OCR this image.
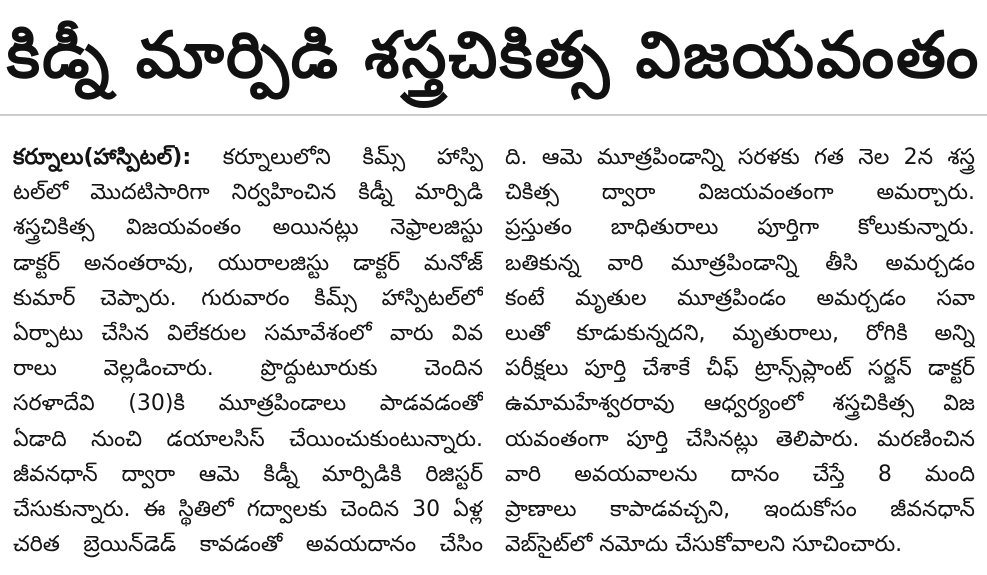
కిడ్నీ మార్పిడి శస్త్రచికిత్స విజయవంతం
కర్నూలు(హాస్పిటల్): కర్నూలులోని కిమ్స్ హాస్పి
టల్‌లో మొదటిసారిగా నిర్వహించిన కిడ్నీ మార్పిడి
శస్త్రచికిత్స విజయవంతం అయినట్లు నెఫ్రాలజిస్టు
డాక్టర్ అనంతరావు, యురాలజిస్టు డాక్టర్ మనోజ్
కుమార్ చెప్పారు. గురువారం కిమ్స్ హాస్పిటల్‌లో
ఏర్పాటు చేసిన విలేకరుల సమావేశంలో వారు వివ
రాలు వెల్లడించారు. ప్రొద్దుటూరుకు చెందిన
సరళాదేవి (30)కి మూత్రపిండాలు పాడవడంతో
ఏడాది నుంచి డయాలసిస్ చేయించుకుంటున్నారు.
జీవనధాన్ ద్వారా ఆమె కిడ్నీ మార్పిడికి రిజిస్టర్
చేసుకున్నారు. ఈ స్థితిలో గద్వాలకు చెందిన 30 ఏళ్ల
చరిత బ్రెయిన్‌డెడ్ కావడంతో అవయదానం చేసిం
ది. ఆమె మూత్రపిండాన్ని సరళకు గత నెల 2న శస్త్ర
చికిత్స ద్వారా విజయవంతంగా అమర్చారు.
ప్రస్తుతం బాధితురాలు పూర్తిగా కోలుకున్నారు.
బతికున్న వారి మూత్రపిండాన్ని తీసి అమర్చడం
కంటే మృతుల మూత్రపిండం అమర్చడం సవా
లుతో కూడుకున్నదని, మృతురాలు, రోగికి అన్ని
పరీక్షలు పూర్తి చేశాకే చీఫ్ ట్రాన్స్‌ప్లాంట్ సర్జన్ డాక్టర్
ఉమామహేశ్వరరావు ఆధ్వర్యంలో శస్త్రచికిత్స విజ
యవంతంగా పూర్తి చేసినట్లు తెలిపారు. మరణించిన
వారి అవయవాలను దానం చేస్తే 8 మంది
ప్రాణాలు కాపాడవచ్చని, ఇందుకోసం జీవనధాన్
వెబ్‌సైట్‌లో నమోదు చేసుకోవాలని సూచించారు.
